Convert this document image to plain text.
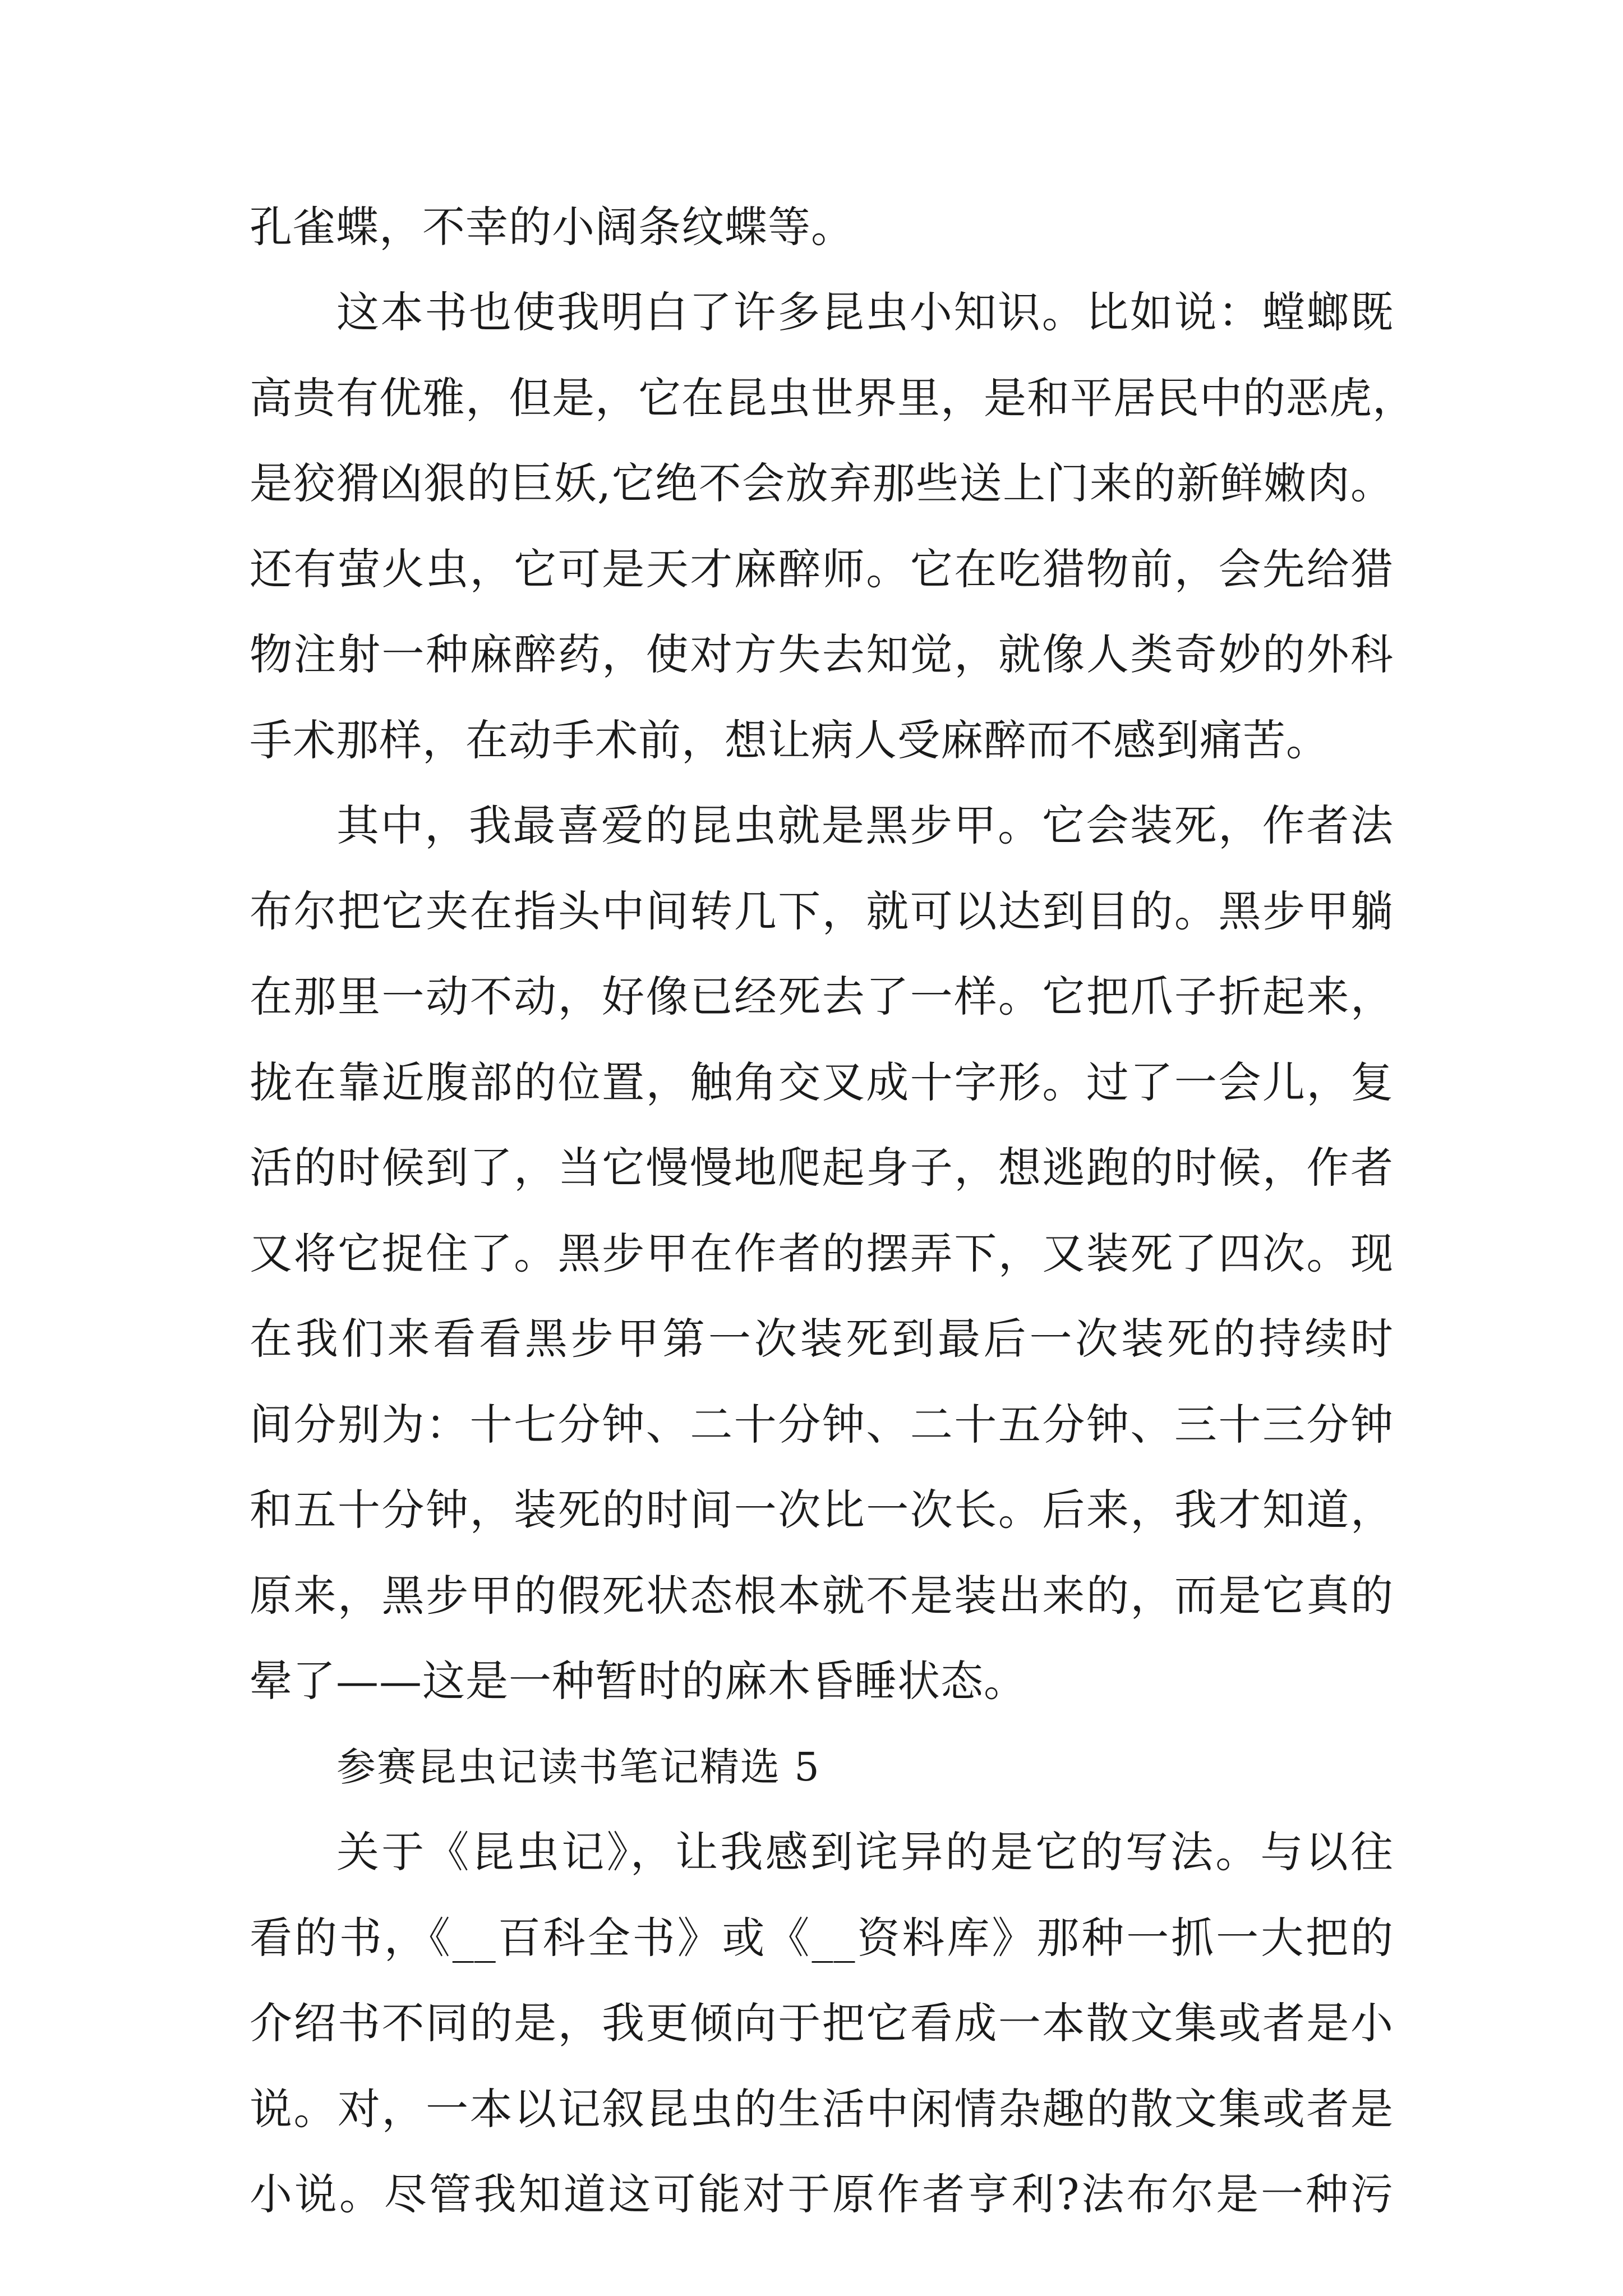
孔雀蝶，不幸的小阔条纹蝶等。
这本书也使我明白了许多昆虫小知识。比如说：螳螂既
高贵有优雅，但是，它在昆虫世界里，是和平居民中的恶虎，
是狡猾凶狠的巨妖,它绝不会放弃那些送上门来的新鲜嫩肉。
还有萤火虫，它可是天才麻醉师。它在吃猎物前，会先给猎
物注射一种麻醉药，使对方失去知觉，就像人类奇妙的外科
手术那样，在动手术前，想让病人受麻醉而不感到痛苦。
其中，我最喜爱的昆虫就是黑步甲。它会装死，作者法
布尔把它夹在指头中间转几下，就可以达到目的。黑步甲躺
在那里一动不动，好像已经死去了一样。它把爪子折起来，
拢在靠近腹部的位置，触角交叉成十字形。过了一会儿，复
活的时候到了，当它慢慢地爬起身子，想逃跑的时候，作者
又将它捉住了。黑步甲在作者的摆弄下，又装死了四次。现
在我们来看看黑步甲第一次装死到最后一次装死的持续时
间分别为：十七分钟、二十分钟、二十五分钟、三十三分钟
和五十分钟，装死的时间一次比一次长。后来，我才知道，
原来，黑步甲的假死状态根本就不是装出来的，而是它真的
晕了——这是一种暂时的麻木昏睡状态。
参赛昆虫记读书笔记精选 5
关于《昆虫记》，让我感到诧异的是它的写法。与以往
看的书，《__百科全书》或《__资料库》那种一抓一大把的
介绍书不同的是，我更倾向于把它看成一本散文集或者是小
说。对，一本以记叙昆虫的生活中闲情杂趣的散文集或者是
小说。尽管我知道这可能对于原作者亨利?法布尔是一种污
